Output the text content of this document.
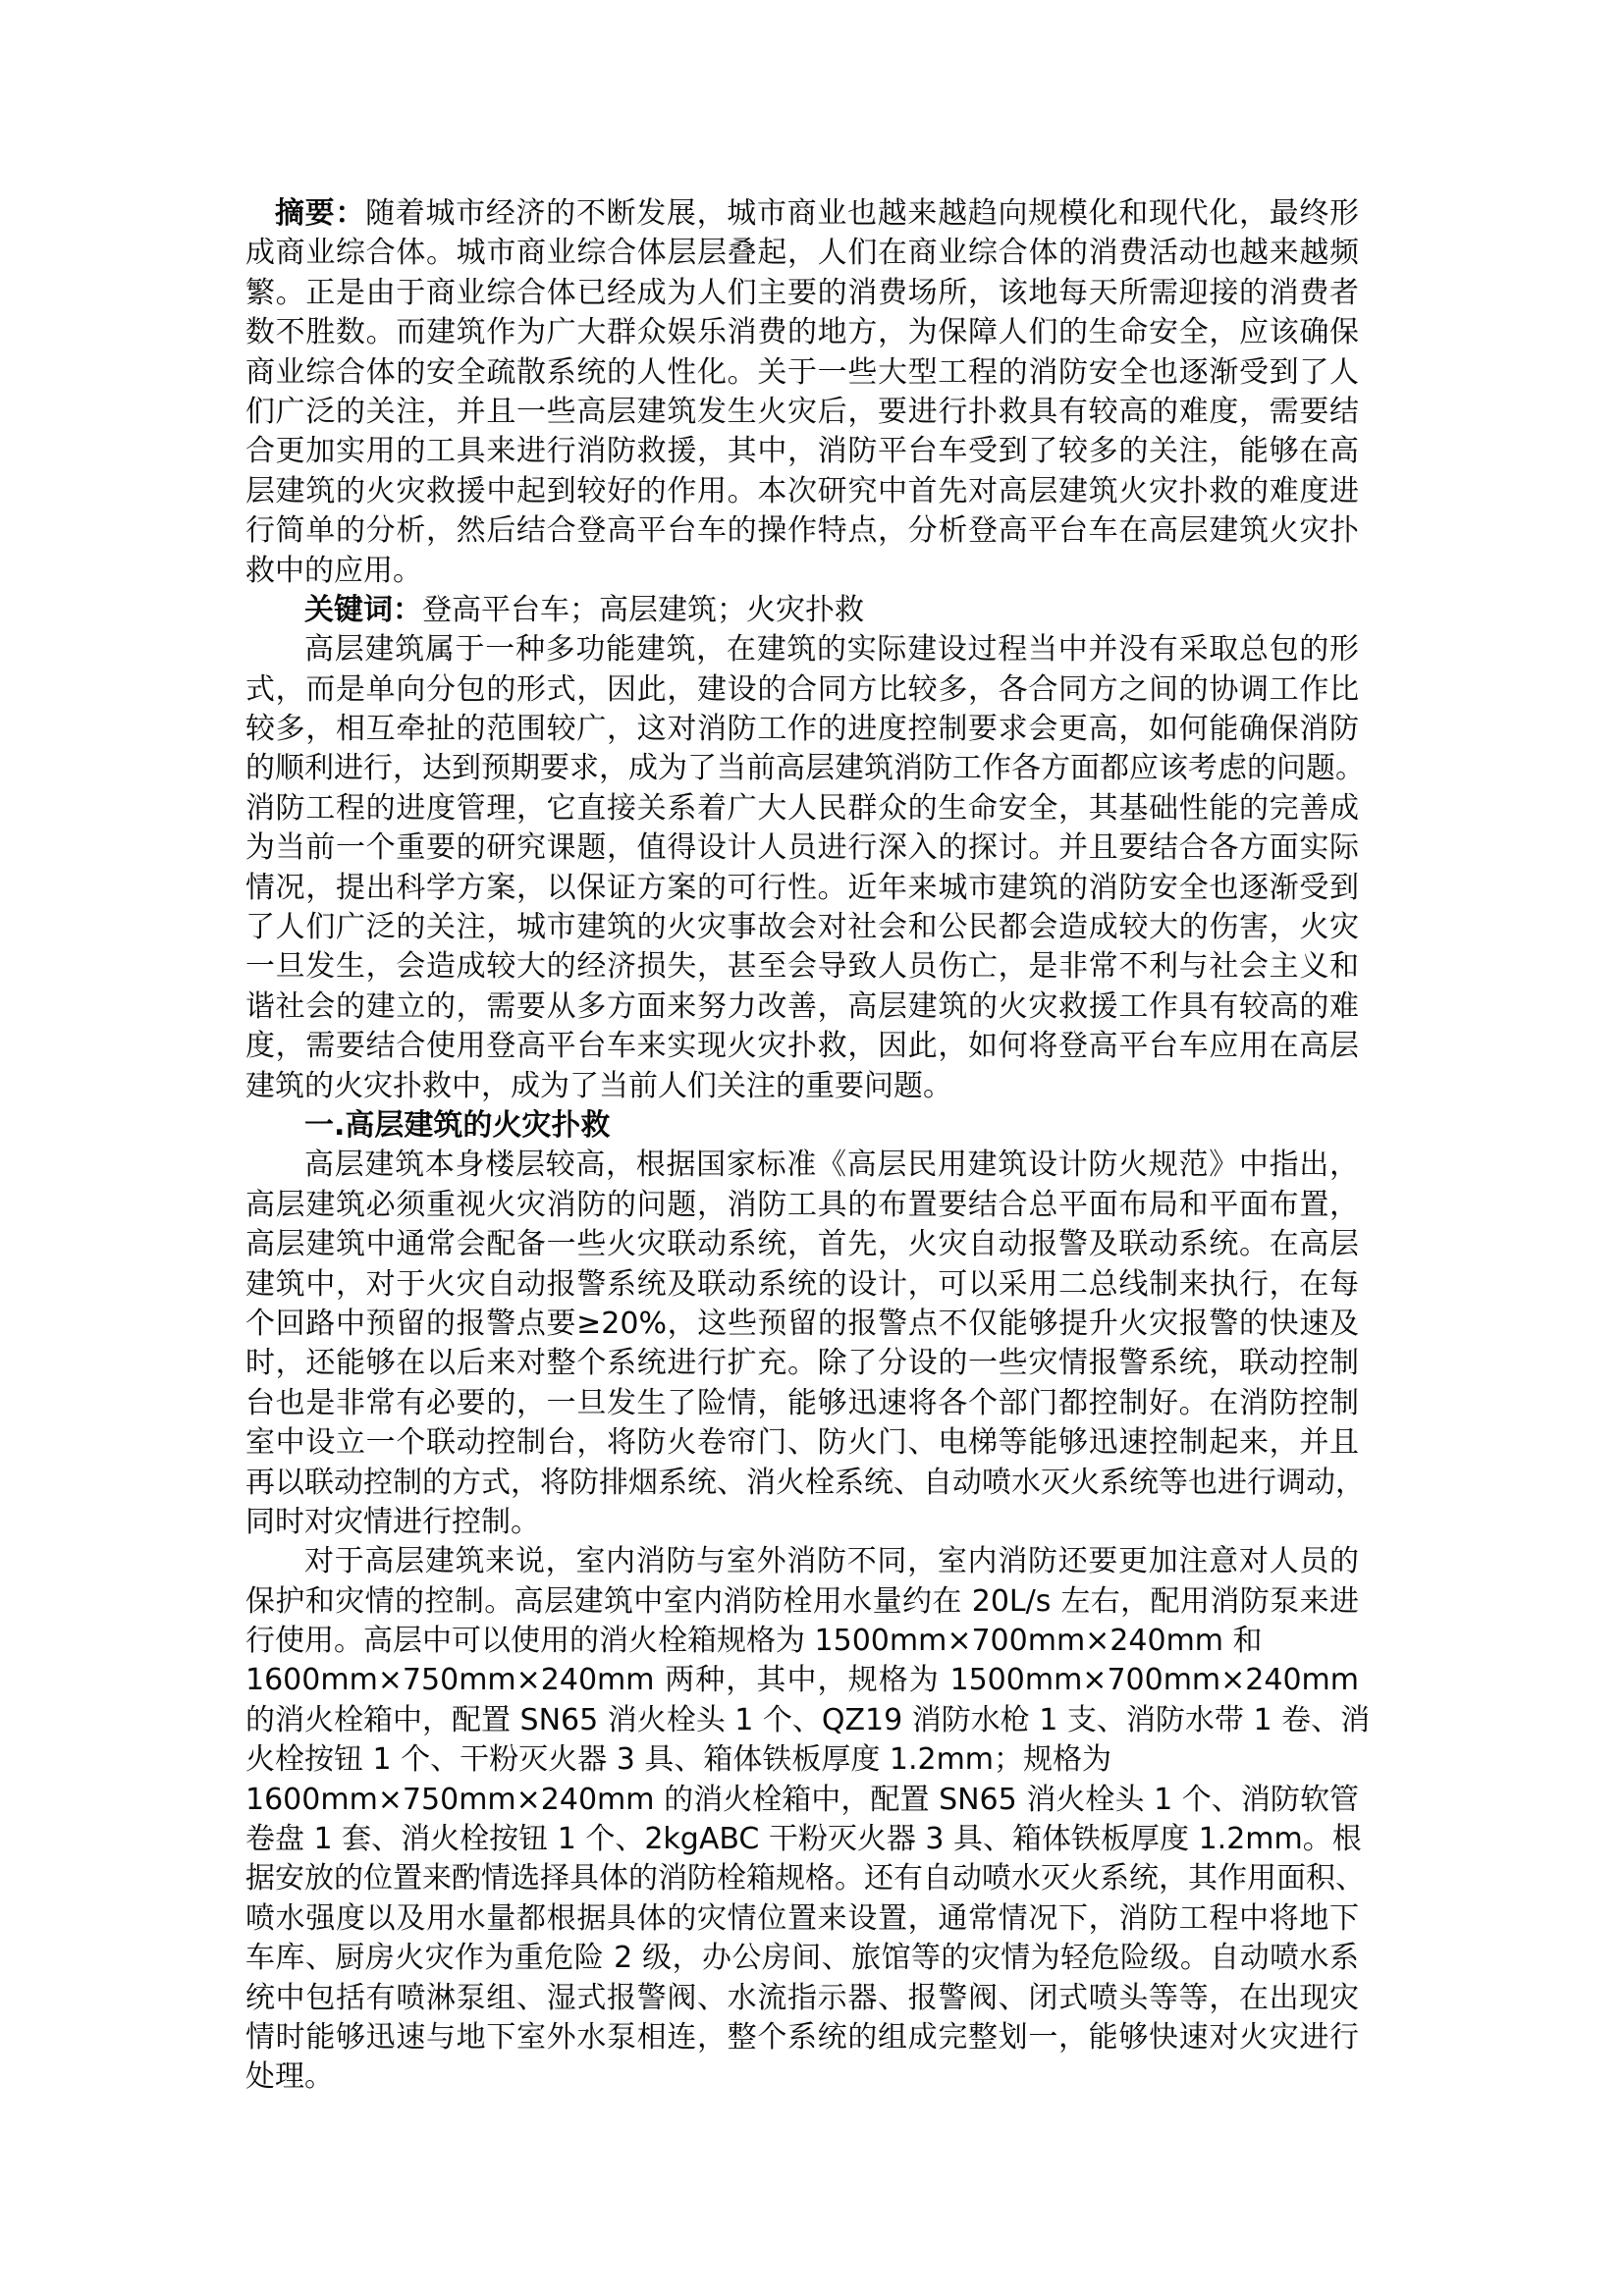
摘要：随着城市经济的不断发展，城市商业也越来越趋向规模化和现代化，最终形
成商业综合体。城市商业综合体层层叠起，人们在商业综合体的消费活动也越来越频
繁。正是由于商业综合体已经成为人们主要的消费场所，该地每天所需迎接的消费者
数不胜数。而建筑作为广大群众娱乐消费的地方，为保障人们的生命安全，应该确保
商业综合体的安全疏散系统的人性化。关于一些大型工程的消防安全也逐渐受到了人
们广泛的关注，并且一些高层建筑发生火灾后，要进行扑救具有较高的难度，需要结
合更加实用的工具来进行消防救援，其中，消防平台车受到了较多的关注，能够在高
层建筑的火灾救援中起到较好的作用。本次研究中首先对高层建筑火灾扑救的难度进
行简单的分析，然后结合登高平台车的操作特点，分析登高平台车在高层建筑火灾扑
救中的应用。
关键词：登高平台车；高层建筑；火灾扑救
高层建筑属于一种多功能建筑，在建筑的实际建设过程当中并没有采取总包的形
式，而是单向分包的形式，因此，建设的合同方比较多，各合同方之间的协调工作比
较多，相互牵扯的范围较广，这对消防工作的进度控制要求会更高，如何能确保消防
的顺利进行，达到预期要求，成为了当前高层建筑消防工作各方面都应该考虑的问题。
消防工程的进度管理，它直接关系着广大人民群众的生命安全，其基础性能的完善成
为当前一个重要的研究课题，值得设计人员进行深入的探讨。并且要结合各方面实际
情况，提出科学方案，以保证方案的可行性。近年来城市建筑的消防安全也逐渐受到
了人们广泛的关注，城市建筑的火灾事故会对社会和公民都会造成较大的伤害，火灾
一旦发生，会造成较大的经济损失，甚至会导致人员伤亡，是非常不利与社会主义和
谐社会的建立的，需要从多方面来努力改善，高层建筑的火灾救援工作具有较高的难
度，需要结合使用登高平台车来实现火灾扑救，因此，如何将登高平台车应用在高层
建筑的火灾扑救中，成为了当前人们关注的重要问题。
一.高层建筑的火灾扑救
高层建筑本身楼层较高，根据国家标准《高层民用建筑设计防火规范》中指出，
高层建筑必须重视火灾消防的问题，消防工具的布置要结合总平面布局和平面布置，
高层建筑中通常会配备一些火灾联动系统，首先，火灾自动报警及联动系统。在高层
建筑中，对于火灾自动报警系统及联动系统的设计，可以采用二总线制来执行，在每
个回路中预留的报警点要≥20%，这些预留的报警点不仅能够提升火灾报警的快速及
时，还能够在以后来对整个系统进行扩充。除了分设的一些灾情报警系统，联动控制
台也是非常有必要的，一旦发生了险情，能够迅速将各个部门都控制好。在消防控制
室中设立一个联动控制台，将防火卷帘门、防火门、电梯等能够迅速控制起来，并且
再以联动控制的方式，将防排烟系统、消火栓系统、自动喷水灭火系统等也进行调动，
同时对灾情进行控制。
对于高层建筑来说，室内消防与室外消防不同，室内消防还要更加注意对人员的
保护和灾情的控制。高层建筑中室内消防栓用水量约在 20L/s 左右，配用消防泵来进
行使用。高层中可以使用的消火栓箱规格为 1500mm×700mm×240mm 和
1600mm×750mm×240mm 两种，其中，规格为 1500mm×700mm×240mm
的消火栓箱中，配置 SN65 消火栓头 1 个、QZ19 消防水枪 1 支、消防水带 1 卷、消
火栓按钮 1 个、干粉灭火器 3 具、箱体铁板厚度 1.2mm；规格为
1600mm×750mm×240mm 的消火栓箱中，配置 SN65 消火栓头 1 个、消防软管
卷盘 1 套、消火栓按钮 1 个、2kgABC 干粉灭火器 3 具、箱体铁板厚度 1.2mm。根
据安放的位置来酌情选择具体的消防栓箱规格。还有自动喷水灭火系统，其作用面积、
喷水强度以及用水量都根据具体的灾情位置来设置，通常情况下，消防工程中将地下
车库、厨房火灾作为重危险 2 级，办公房间、旅馆等的灾情为轻危险级。自动喷水系
统中包括有喷淋泵组、湿式报警阀、水流指示器、报警阀、闭式喷头等等，在出现灾
情时能够迅速与地下室外水泵相连，整个系统的组成完整划一，能够快速对火灾进行
处理。
